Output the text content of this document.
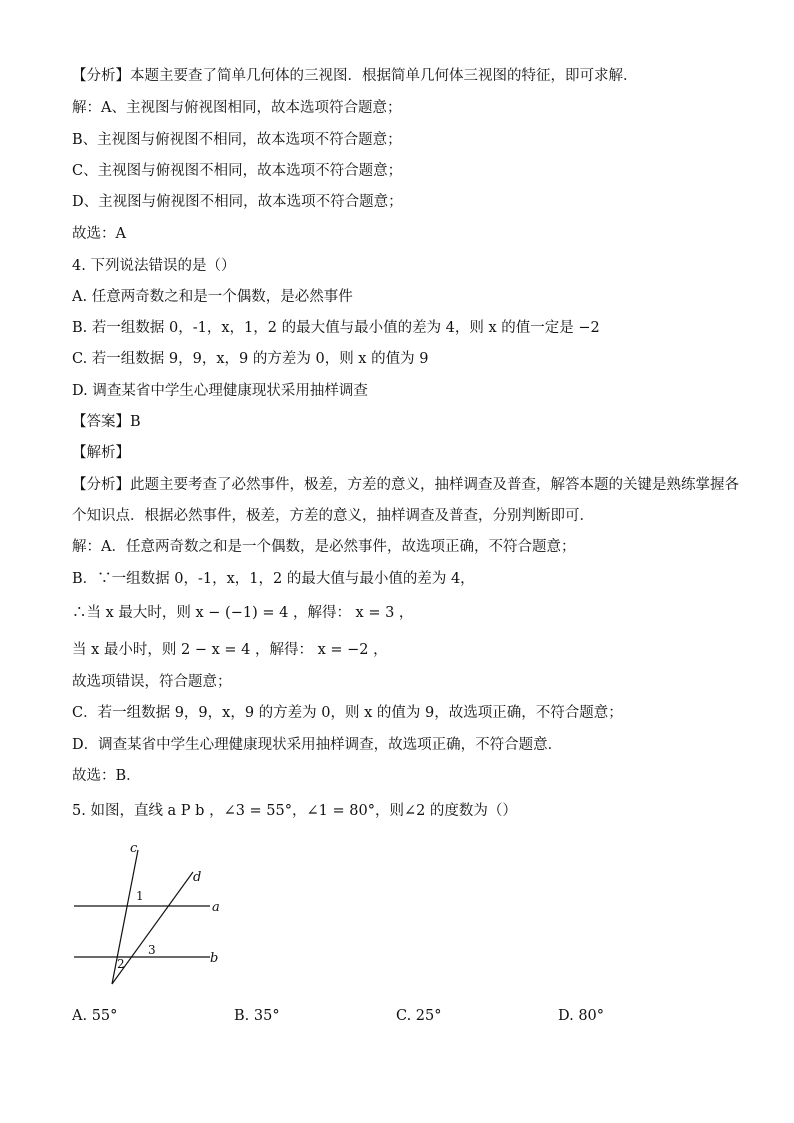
【分析】本题主要查了简单几何体的三视图．根据简单几何体三视图的特征，即可求解．
解：A、主视图与俯视图相同，故本选项符合题意；
B、主视图与俯视图不相同，故本选项不符合题意；
C、主视图与俯视图不相同，故本选项不符合题意；
D、主视图与俯视图不相同，故本选项不符合题意；
故选：A
4. 下列说法错误的是（）
A. 任意两奇数之和是一个偶数，是必然事件
B. 若一组数据 0，-1，x，1，2 的最大值与最小值的差为 4，则 x 的值一定是 −2
C. 若一组数据 9，9，x，9 的方差为 0，则 x 的值为 9
D. 调查某省中学生心理健康现状采用抽样调查
【答案】B
【解析】
【分析】此题主要考查了必然事件，极差，方差的意义，抽样调查及普查，解答本题的关键是熟练掌握各
个知识点．根据必然事件，极差，方差的意义，抽样调查及普查，分别判断即可．
解：A．任意两奇数之和是一个偶数，是必然事件，故选项正确，不符合题意；
B．∵一组数据 0，-1，x，1，2 的最大值与最小值的差为 4，
∴当 x 最大时，则 x − (−1) = 4 ，解得： x = 3 ，
当 x 最小时，则 2 − x = 4 ，解得： x = −2 ，
故选项错误，符合题意；
C．若一组数据 9，9，x，9 的方差为 0，则 x 的值为 9，故选项正确，不符合题意；
D．调查某省中学生心理健康现状采用抽样调查，故选项正确，不符合题意．
故选：B．
5. 如图，直线 a P b ，∠3 = 55°，∠1 = 80°，则∠2 的度数为（）
c
d
a
b
1
3
2
A. 55°	B. 35°	C. 25°	D. 80°
